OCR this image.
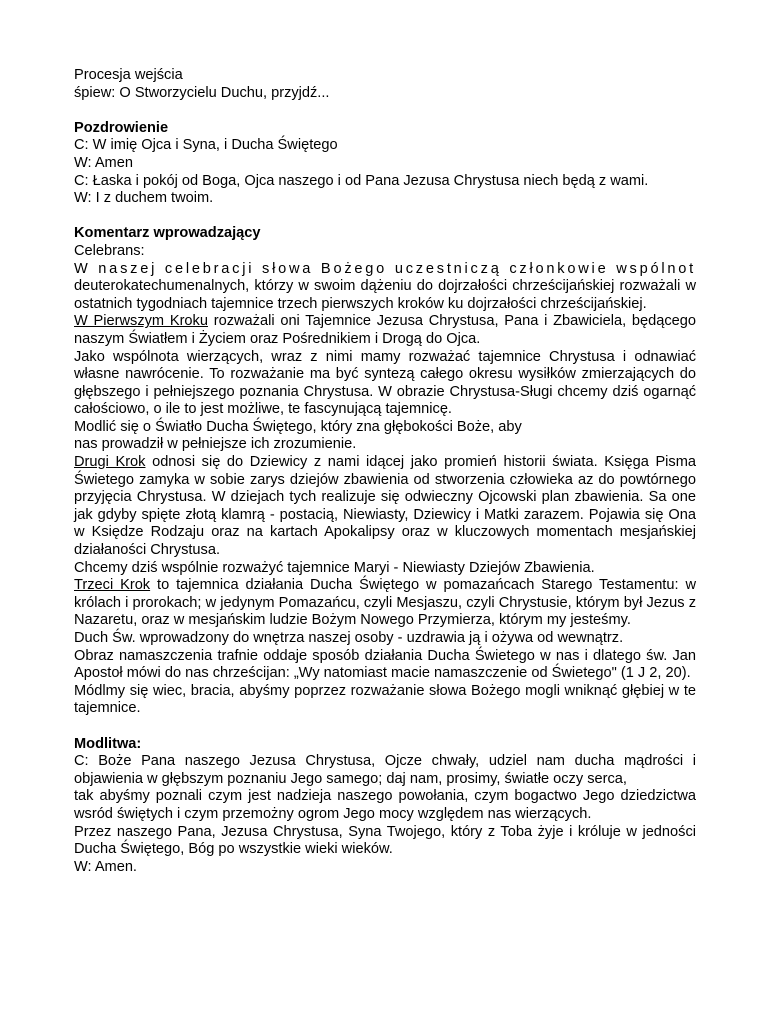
Procesja wejścia
śpiew: O Stworzycielu Duchu, przyjdź...
Pozdrowienie
C: W imię Ojca i Syna, i Ducha Świętego
W: Amen
C: Łaska i pokój od Boga, Ojca naszego i od Pana Jezusa Chrystusa niech będą z wami.
W: I z duchem twoim.
Komentarz wprowadzający
Celebrans:
W naszej celebracji słowa Bożego uczestniczą członkowie wspólnot
deuterokatechumenalnych, którzy w swoim dążeniu do dojrzałości chrześcijańskiej rozważali w ostatnich tygodniach tajemnice trzech pierwszych kroków ku dojrzałości chrześcijańskiej.
W Pierwszym Kroku rozważali oni Tajemnice Jezusa Chrystusa, Pana i Zbawiciela, będącego naszym Światłem i Życiem oraz Pośrednikiem i Drogą do Ojca.
Jako wspólnota wierzących, wraz z nimi mamy rozważać tajemnice Chrystusa i odnawiać własne nawrócenie. To rozważanie ma być syntezą całego okresu wysiłków zmierzających do głębszego i pełniejszego poznania Chrystusa. W obrazie Chrystusa-Sługi chcemy dziś ogarnąć całościowo, o ile to jest możliwe, te fascynującą tajemnicę.
Modlić się o Światło Ducha Świętego, który zna głębokości Boże, aby
nas prowadził w pełniejsze ich zrozumienie.
Drugi Krok odnosi się do Dziewicy z nami idącej jako promień historii świata. Księga Pisma Świetego zamyka w sobie zarys dziejów zbawienia od stworzenia człowieka az do powtórnego przyjęcia Chrystusa. W dziejach tych realizuje się odwieczny Ojcowski plan zbawienia. Sa one jak gdyby spięte złotą klamrą - postacią, Niewiasty, Dziewicy i Matki zarazem. Pojawia się Ona w Księdze Rodzaju oraz na kartach Apokalipsy oraz w kluczowych momentach mesjańskiej działaności Chrystusa.
Chcemy dziś wspólnie rozważyć tajemnice Maryi - Niewiasty Dziejów Zbawienia.
Trzeci Krok to tajemnica działania Ducha Świętego w pomazańcach Starego Testamentu: w królach i prorokach; w jedynym Pomazańcu, czyli Mesjaszu, czyli Chrystusie, którym był Jezus z Nazaretu, oraz w mesjańskim ludzie Bożym Nowego Przymierza, którym my jesteśmy.
Duch Św. wprowadzony do wnętrza naszej osoby - uzdrawia ją i ożywa od wewnątrz.
Obraz namaszczenia trafnie oddaje sposób działania Ducha Świetego w nas i dlatego św. Jan Apostoł mówi do nas chrześcijan: „Wy natomiast macie namaszczenie od Świetego" (1 J 2, 20).
Módlmy się wiec, bracia, abyśmy poprzez rozważanie słowa Bożego mogli wniknąć głębiej w te tajemnice.
Modlitwa:
C: Boże Pana naszego Jezusa Chrystusa, Ojcze chwały, udziel nam ducha mądrości i objawienia w głębszym poznaniu Jego samego; daj nam, prosimy, światłe oczy serca,
tak abyśmy poznali czym jest nadzieja naszego powołania, czym bogactwo Jego dziedzictwa wsród świętych i czym przemożny ogrom Jego mocy względem nas wierzących.
Przez naszego Pana, Jezusa Chrystusa, Syna Twojego, który z Toba żyje i króluje w jedności Ducha Świętego, Bóg po wszystkie wieki wieków.
W: Amen.
